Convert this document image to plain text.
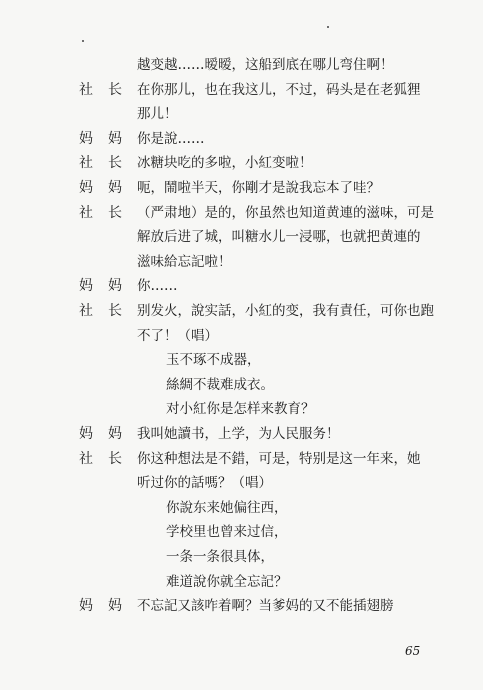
越变越……暧暧，这船到底在哪儿弯住啊！
社长 在你那儿，也在我这儿，不过，码头是在老狐狸
那儿！
妈妈 你是說……
社长 冰糖块吃的多啦，小紅变啦！
妈妈 呃，鬧啦半天，你剛才是說我忘本了哇？
社长 （严肃地）是的，你虽然也知道黄連的滋味，可是
解放后进了城，叫糖水儿一浸哪，也就把黄連的
滋味給忘記啦！
妈妈 你……
社长 别发火，說实話，小紅的变，我有責任，可你也跑
不了！（唱）
玉不琢不成器，
絲綢不裁难成衣。
对小紅你是怎样来教育？
妈妈 我叫她讀书，上学，为人民服务！
社长 你这种想法是不錯，可是，特别是这一年来，她
听过你的話嗎？（唱）
你說东来她偏往西，
学校里也曾来过信，
一条一条很具体，
难道說你就全忘記？
妈妈 不忘記又該咋着啊？当爹妈的又不能插翅膀
65
